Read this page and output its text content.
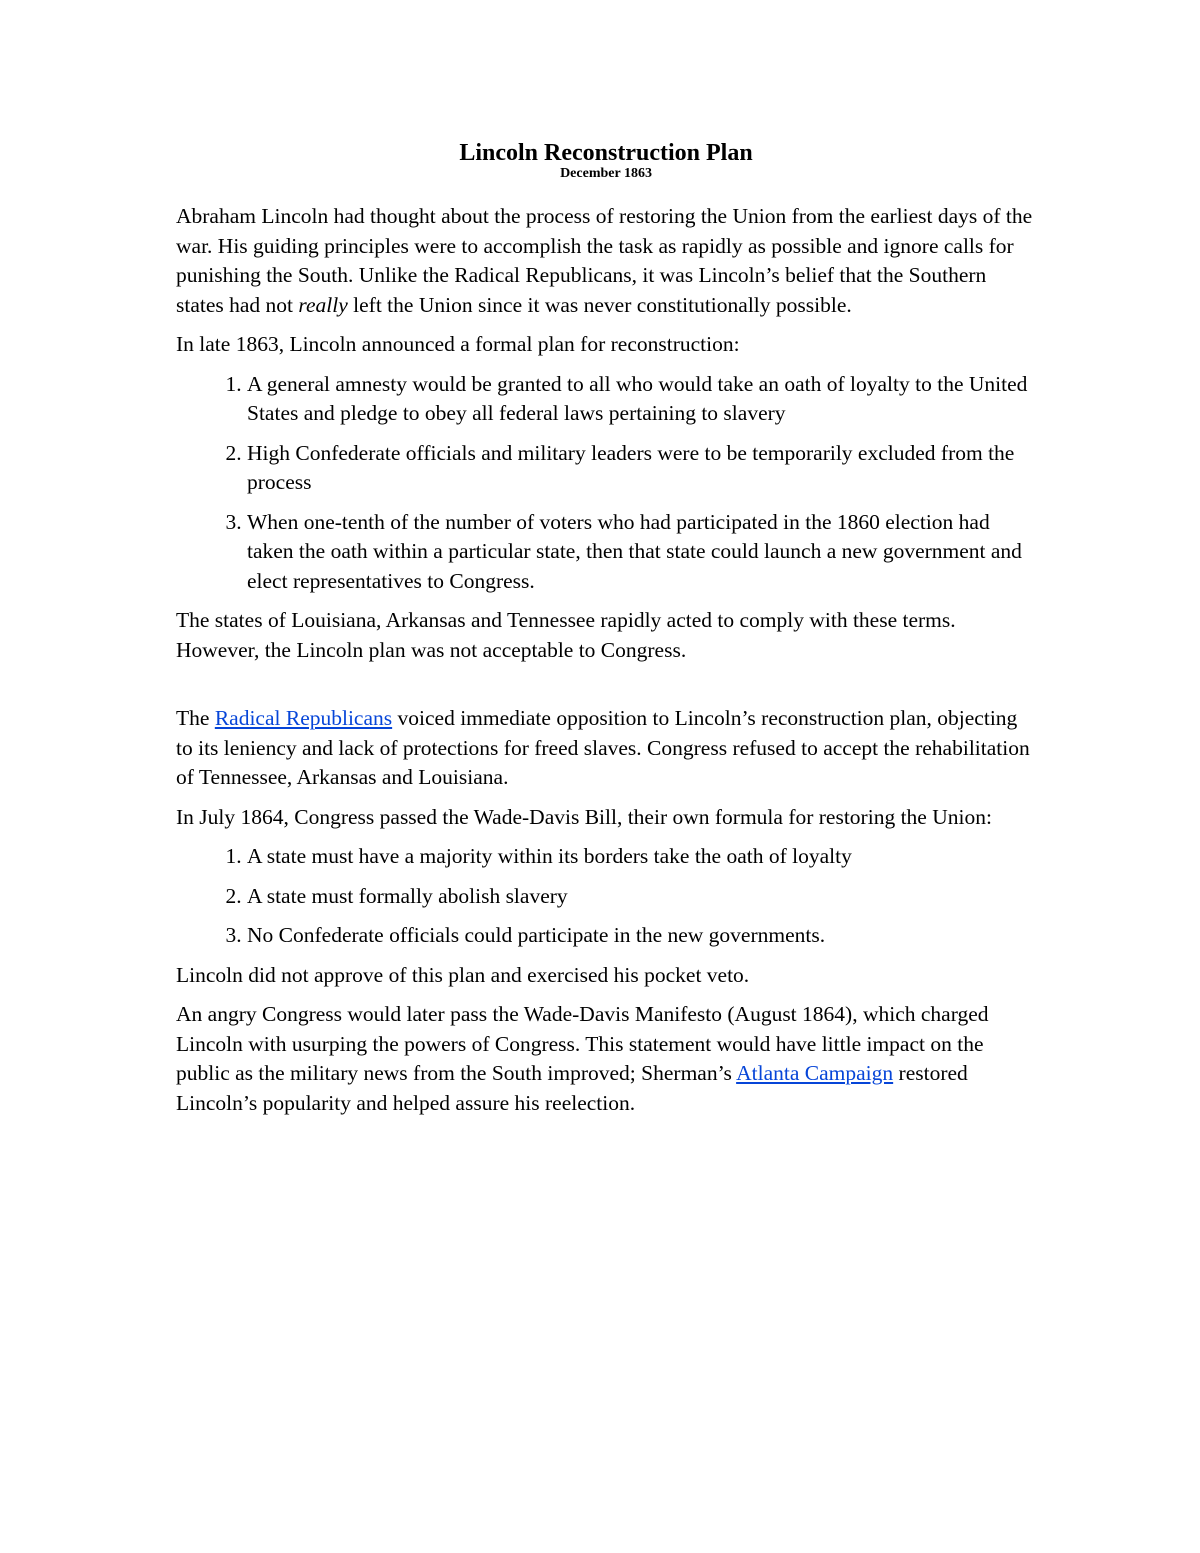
Lincoln Reconstruction Plan
December 1863

Abraham Lincoln had thought about the process of restoring the Union from the earliest days of the war. His guiding principles were to accomplish the task as rapidly as possible and ignore calls for punishing the South. Unlike the Radical Republicans, it was Lincoln’s belief that the Southern states had not really left the Union since it was never constitutionally possible.

In late 1863, Lincoln announced a formal plan for reconstruction:

1. A general amnesty would be granted to all who would take an oath of loyalty to the United States and pledge to obey all federal laws pertaining to slavery
2. High Confederate officials and military leaders were to be temporarily excluded from the process
3. When one-tenth of the number of voters who had participated in the 1860 election had taken the oath within a particular state, then that state could launch a new government and elect representatives to Congress.

The states of Louisiana, Arkansas and Tennessee rapidly acted to comply with these terms. However, the Lincoln plan was not acceptable to Congress.

The Radical Republicans voiced immediate opposition to Lincoln’s reconstruction plan, objecting to its leniency and lack of protections for freed slaves. Congress refused to accept the rehabilitation of Tennessee, Arkansas and Louisiana.

In July 1864, Congress passed the Wade-Davis Bill, their own formula for restoring the Union:

1. A state must have a majority within its borders take the oath of loyalty
2. A state must formally abolish slavery
3. No Confederate officials could participate in the new governments.

Lincoln did not approve of this plan and exercised his pocket veto.

An angry Congress would later pass the Wade-Davis Manifesto (August 1864), which charged Lincoln with usurping the powers of Congress. This statement would have little impact on the public as the military news from the South improved; Sherman’s Atlanta Campaign restored Lincoln’s popularity and helped assure his reelection.
